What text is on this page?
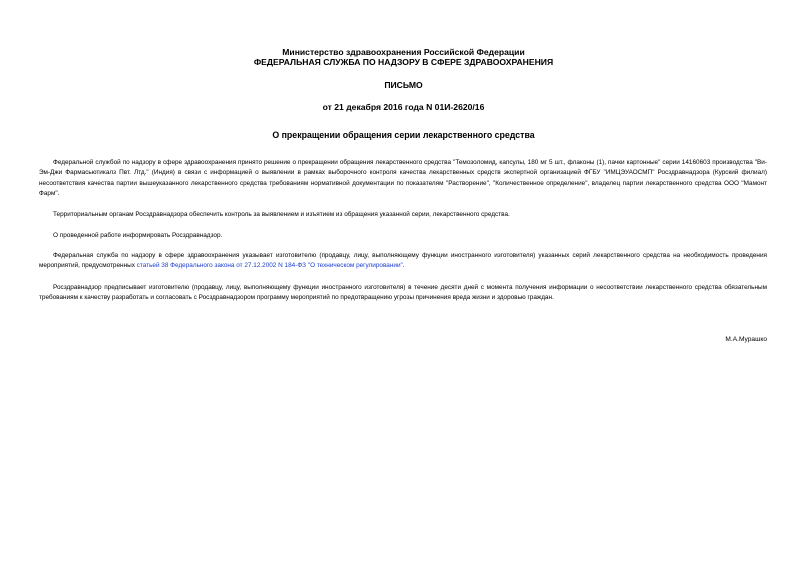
Министерство здравоохранения Российской Федерации
ФЕДЕРАЛЬНАЯ СЛУЖБА ПО НАДЗОРУ В СФЕРЕ ЗДРАВООХРАНЕНИЯ
ПИСЬМО
от 21 декабря 2016 года N 01И-2620/16
О прекращении обращения серии лекарственного средства

Федеральной службой по надзору в сфере здравоохранения принято решение о прекращении обращения лекарственного средства "Темозоломид, капсулы, 180 мг 5 шт., флаконы (1), пачки картонные" серии 14160603 производства "Ви-Эм-Джи Фармасьютикалз Пвт. Лтд." (Индия) в связи с информацией о выявлении в рамках выборочного контроля качества лекарственных средств экспертной организацией ФГБУ "ИМЦЭУАОСМП" Росздравнадзора (Курский филиал) несоответствия качества партии вышеуказанного лекарственного средства требованиям нормативной документации по показателям "Растворение", "Количественное определение", владелец партии лекарственного средства ООО "Мамонт Фарм".

Территориальным органам Росздравнадзора обеспечить контроль за выявлением и изъятием из обращения указанной серии, лекарственного средства.

О проведенной работе информировать Росздравнадзор.

Федеральная служба по надзору в сфере здравоохранения указывает изготовителю (продавцу, лицу, выполняющему функции иностранного изготовителя) указанных серий лекарственного средства на необходимость проведения мероприятий, предусмотренных статьей 38 Федерального закона от 27.12.2002 N 184-ФЗ "О техническом регулировании".

Росздравнадзор предписывает изготовителю (продавцу, лицу, выполняющему функции иностранного изготовителя) в течение десяти дней с момента получения информации о несоответствии лекарственного средства обязательным требованиям к качеству разработать и согласовать с Росздравнадзором программу мероприятий по предотвращению угрозы причинения вреда жизни и здоровью граждан.

М.А.Мурашко
